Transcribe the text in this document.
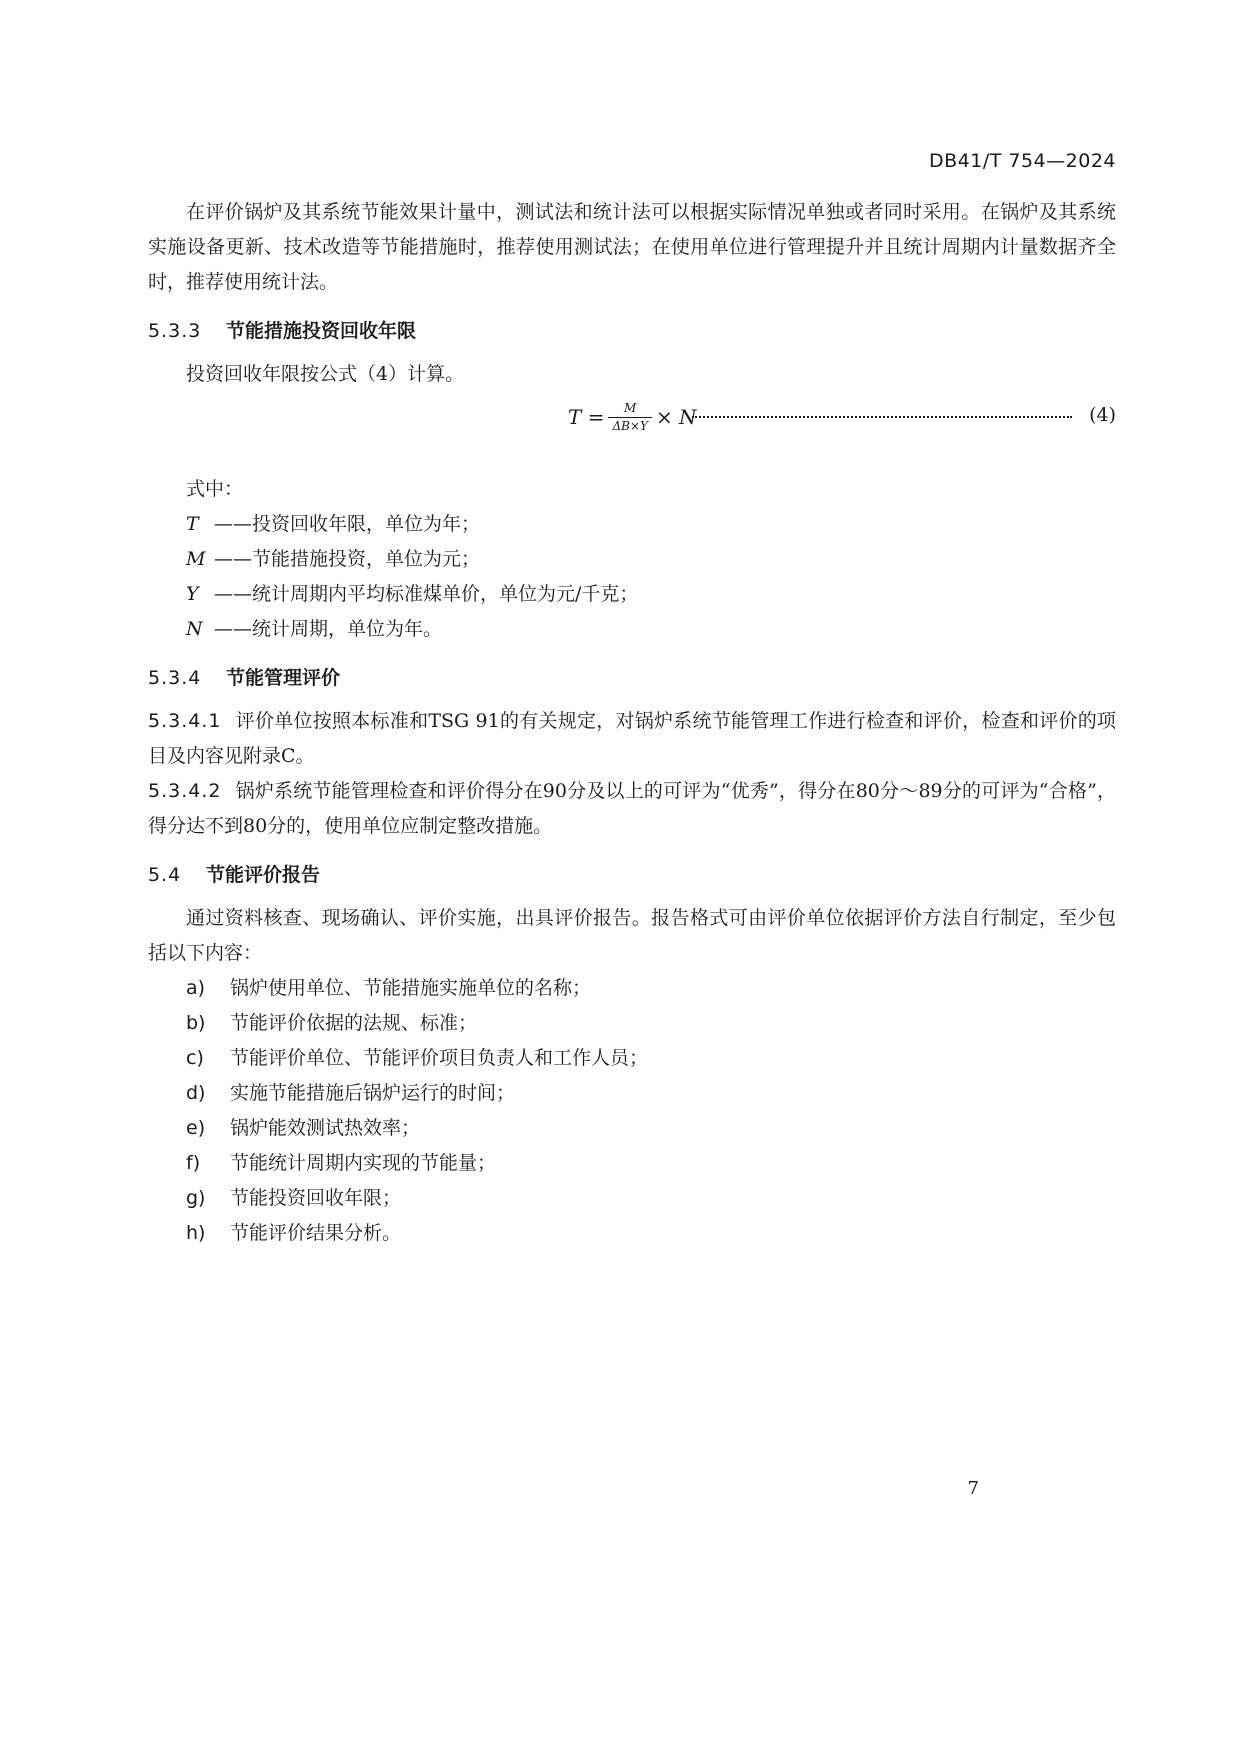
DB41/T 754—2024

在评价锅炉及其系统节能效果计量中，测试法和统计法可以根据实际情况单独或者同时采用。在锅炉及其系统实施设备更新、技术改造等节能措施时，推荐使用测试法；在使用单位进行管理提升并且统计周期内计量数据齐全时，推荐使用统计法。

5.3.3 节能措施投资回收年限

投资回收年限按公式（4）计算。

$T = \frac{M}{\Delta B\times Y} \times N$	(4)

式中：

T ——投资回收年限，单位为年；
M ——节能措施投资，单位为元；
Y ——统计周期内平均标准煤单价，单位为元/千克；
N ——统计周期，单位为年。
5.3.4 节能管理评价

5.3.4.1 评价单位按照本标准和TSG 91的有关规定，对锅炉系统节能管理工作进行检查和评价，检查和评价的项目及内容见附录C。

5.3.4.2 锅炉系统节能管理检查和评价得分在90分及以上的可评为“优秀”，得分在80分～89分的可评为“合格”，得分达不到80分的，使用单位应制定整改措施。

5.4 节能评价报告

通过资料核查、现场确认、评价实施，出具评价报告。报告格式可由评价单位依据评价方法自行制定，至少包括以下内容：

a)	锅炉使用单位、节能措施实施单位的名称；
b)	节能评价依据的法规、标准；
c)	节能评价单位、节能评价项目负责人和工作人员；
d)	实施节能措施后锅炉运行的时间；
e)	锅炉能效测试热效率；
f)	节能统计周期内实现的节能量；
g)	节能投资回收年限；
h)	节能评价结果分析。
7
